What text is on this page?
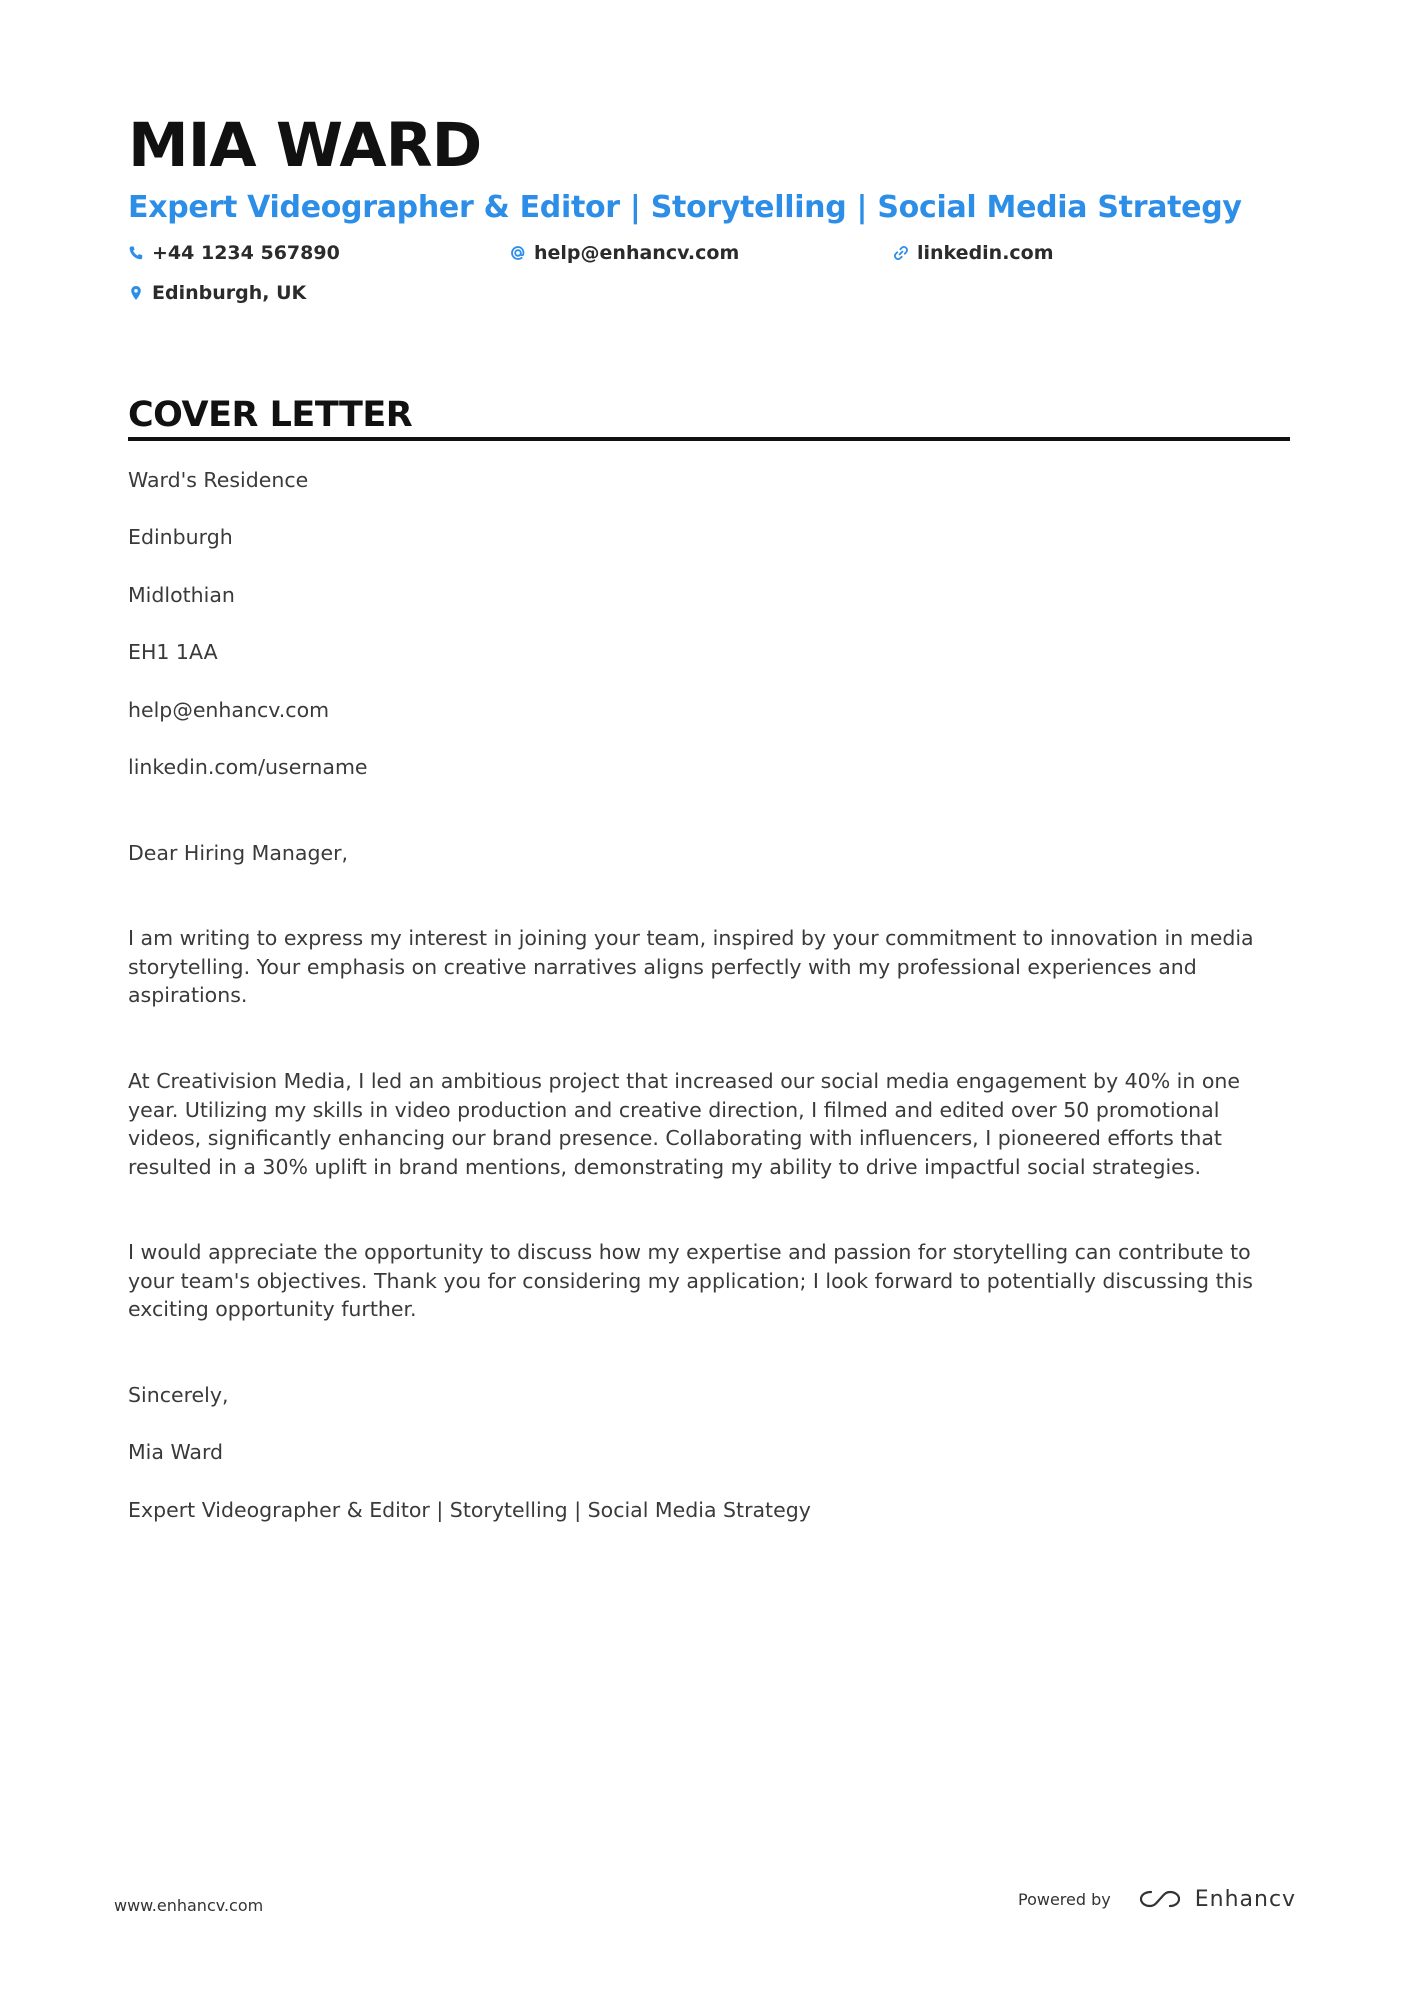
MIA WARD
Expert Videographer & Editor | Storytelling | Social Media Strategy
+44 1234 567890	help@enhancv.com	linkedin.com
Edinburgh, UK
COVER LETTER

Ward's Residence

Edinburgh

Midlothian

EH1 1AA

help@enhancv.com

linkedin.com/username

Dear Hiring Manager,

I am writing to express my interest in joining your team, inspired by your commitment to innovation in media storytelling. Your emphasis on creative narratives aligns perfectly with my professional experiences and aspirations.

At Creativision Media, I led an ambitious project that increased our social media engagement by 40% in one year. Utilizing my skills in video production and creative direction, I filmed and edited over 50 promotional videos, significantly enhancing our brand presence. Collaborating with influencers, I pioneered efforts that resulted in a 30% uplift in brand mentions, demonstrating my ability to drive impactful social strategies.

I would appreciate the opportunity to discuss how my expertise and passion for storytelling can contribute to your team's objectives. Thank you for considering my application; I look forward to potentially discussing this exciting opportunity further.

Sincerely,

Mia Ward

Expert Videographer & Editor | Storytelling | Social Media Strategy

www.enhancv.com	Powered by	Enhancv
